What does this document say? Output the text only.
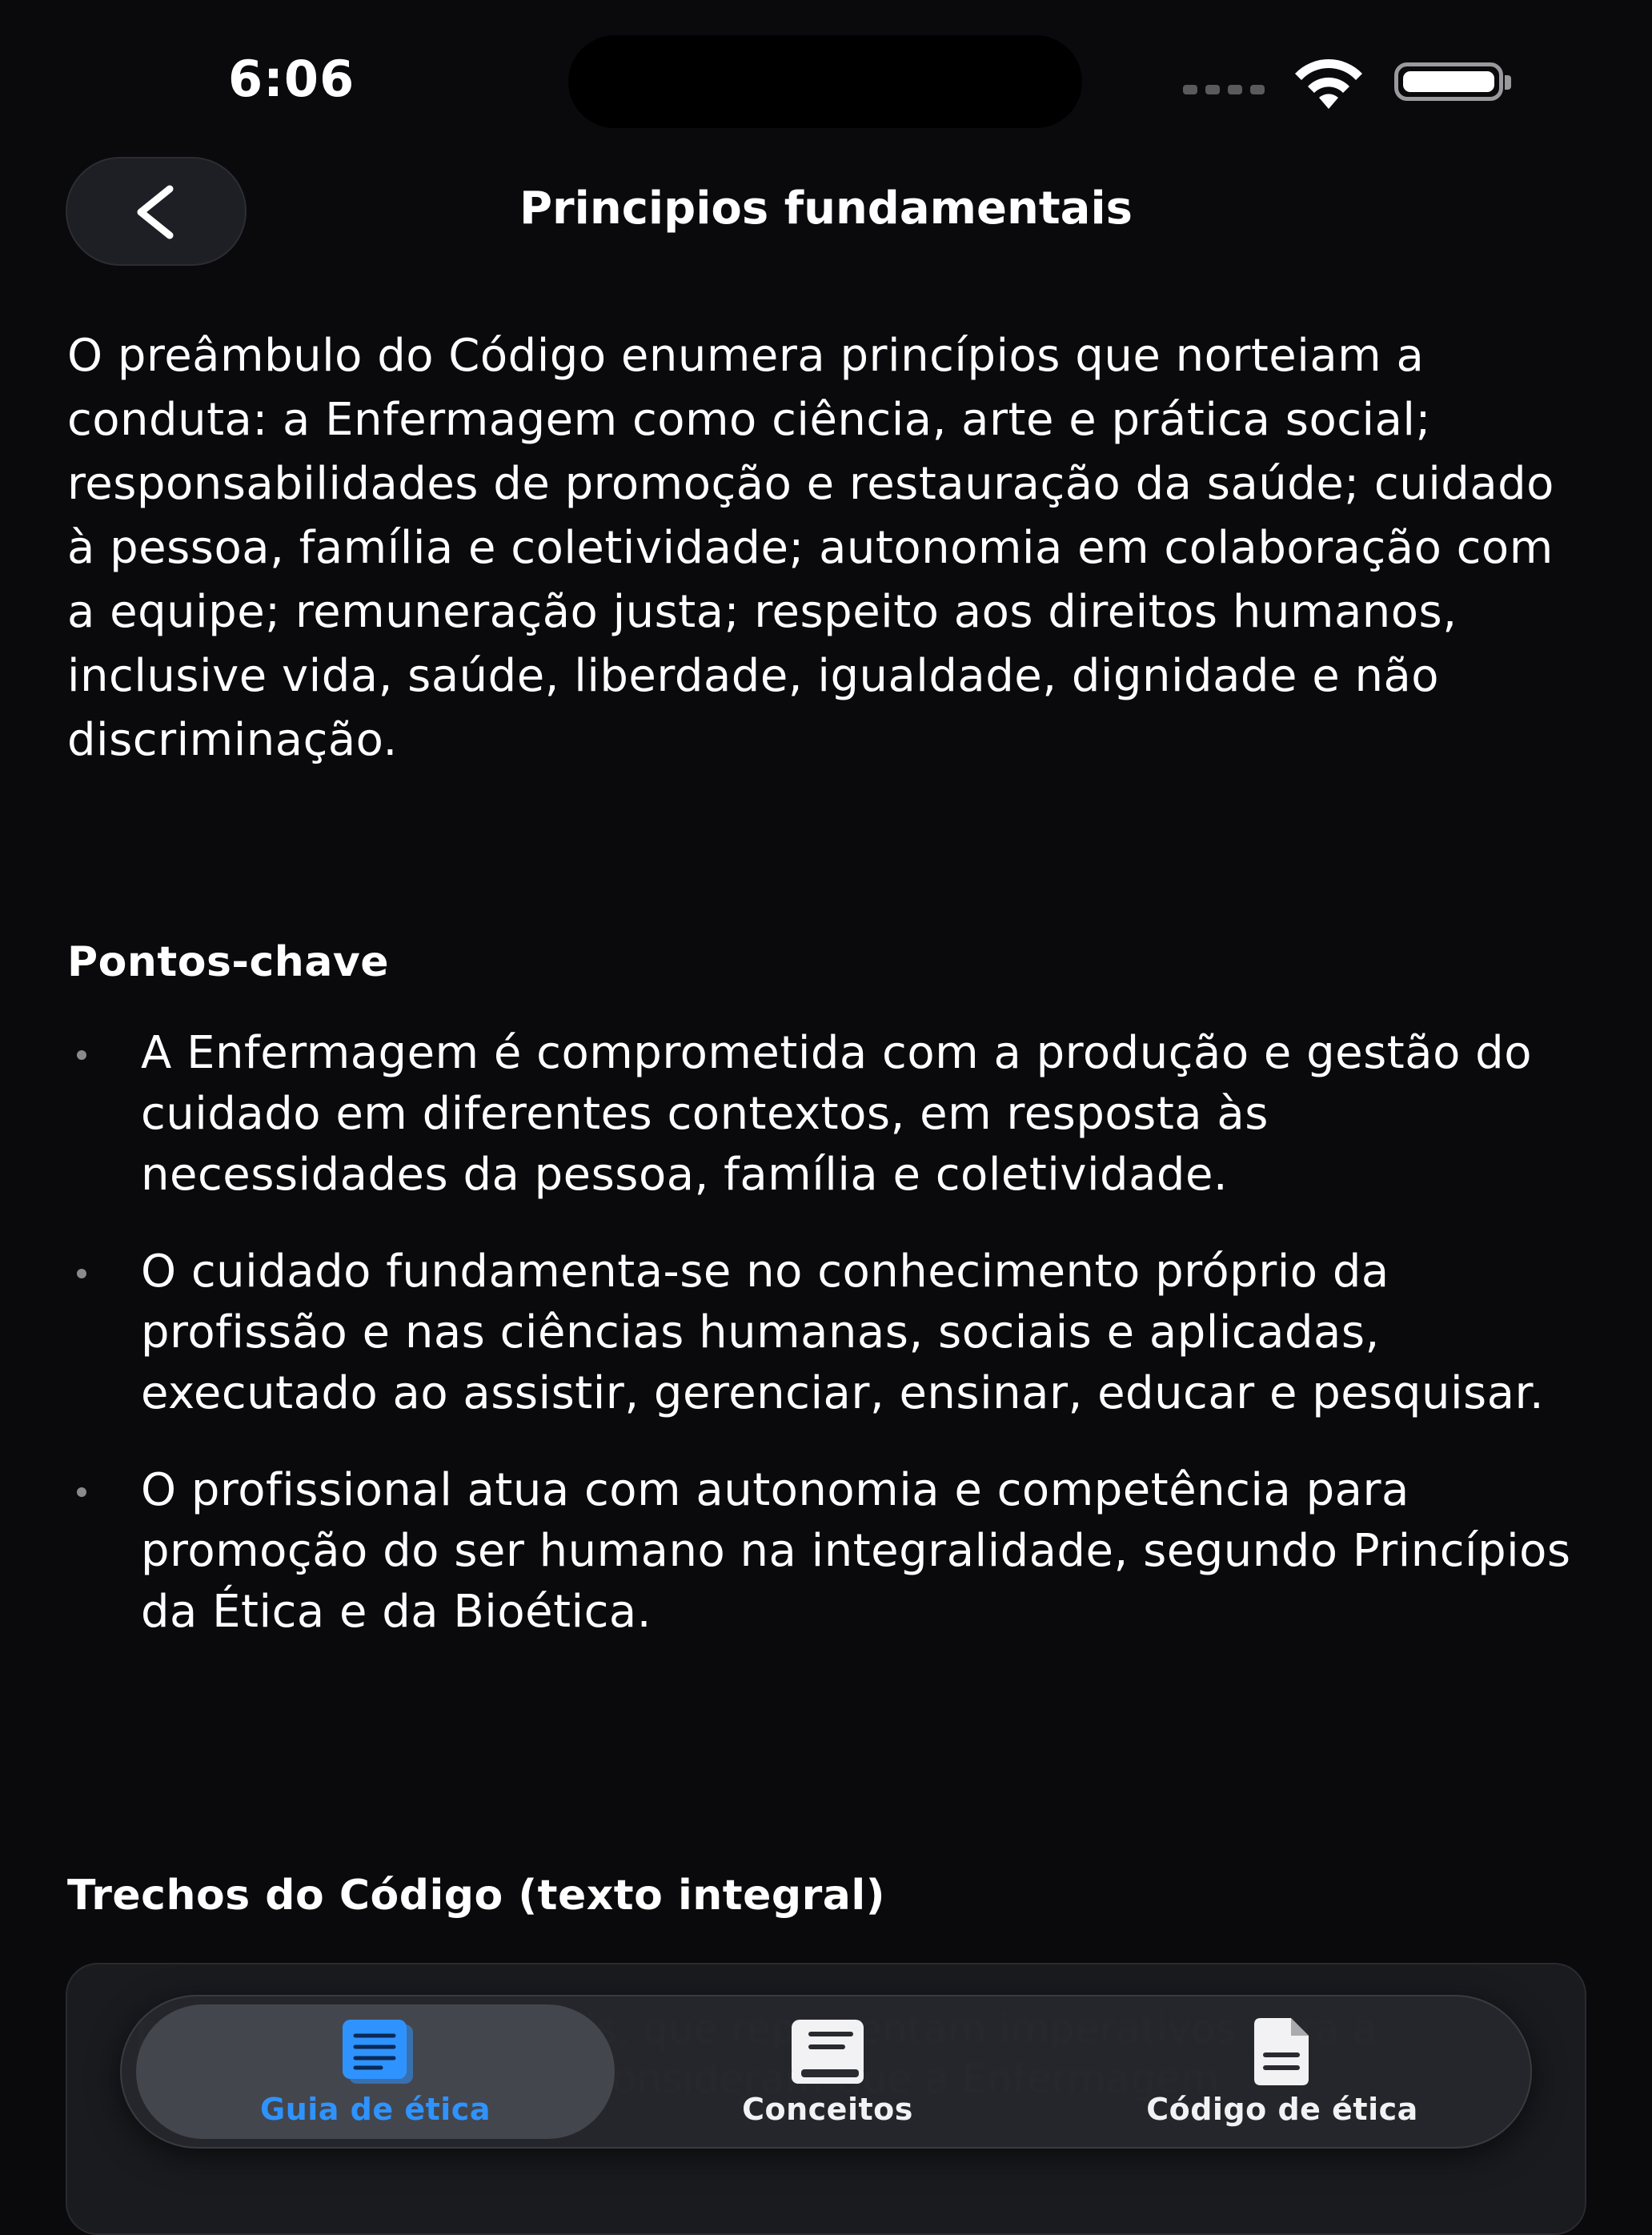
6:06
Principios fundamentais

O preâmbulo do Código enumera princípios que norteiam a conduta: a Enfermagem como ciência, arte e prática social; responsabilidades de promoção e restauração da saúde; cuidado à pessoa, família e coletividade; autonomia em colaboração com a equipe; remuneração justa; respeito aos direitos humanos, inclusive vida, saúde, liberdade, igualdade, dignidade e não discriminação.

Pontos-chave
A Enfermagem é comprometida com a produção e gestão do cuidado em diferentes contextos, em resposta às necessidades da pessoa, família e coletividade.
O cuidado fundamenta-se no conhecimento próprio da profissão e nas ciências humanas, sociais e aplicadas, executado ao assistir, gerenciar, ensinar, educar e pesquisar.
O profissional atua com autonomia e competência para promoção do ser humano na integralidade, segundo Princípios da Ética e da Bioética.
Trechos do Código (texto integral)
Guia de ética	Conceitos	Código de ética
